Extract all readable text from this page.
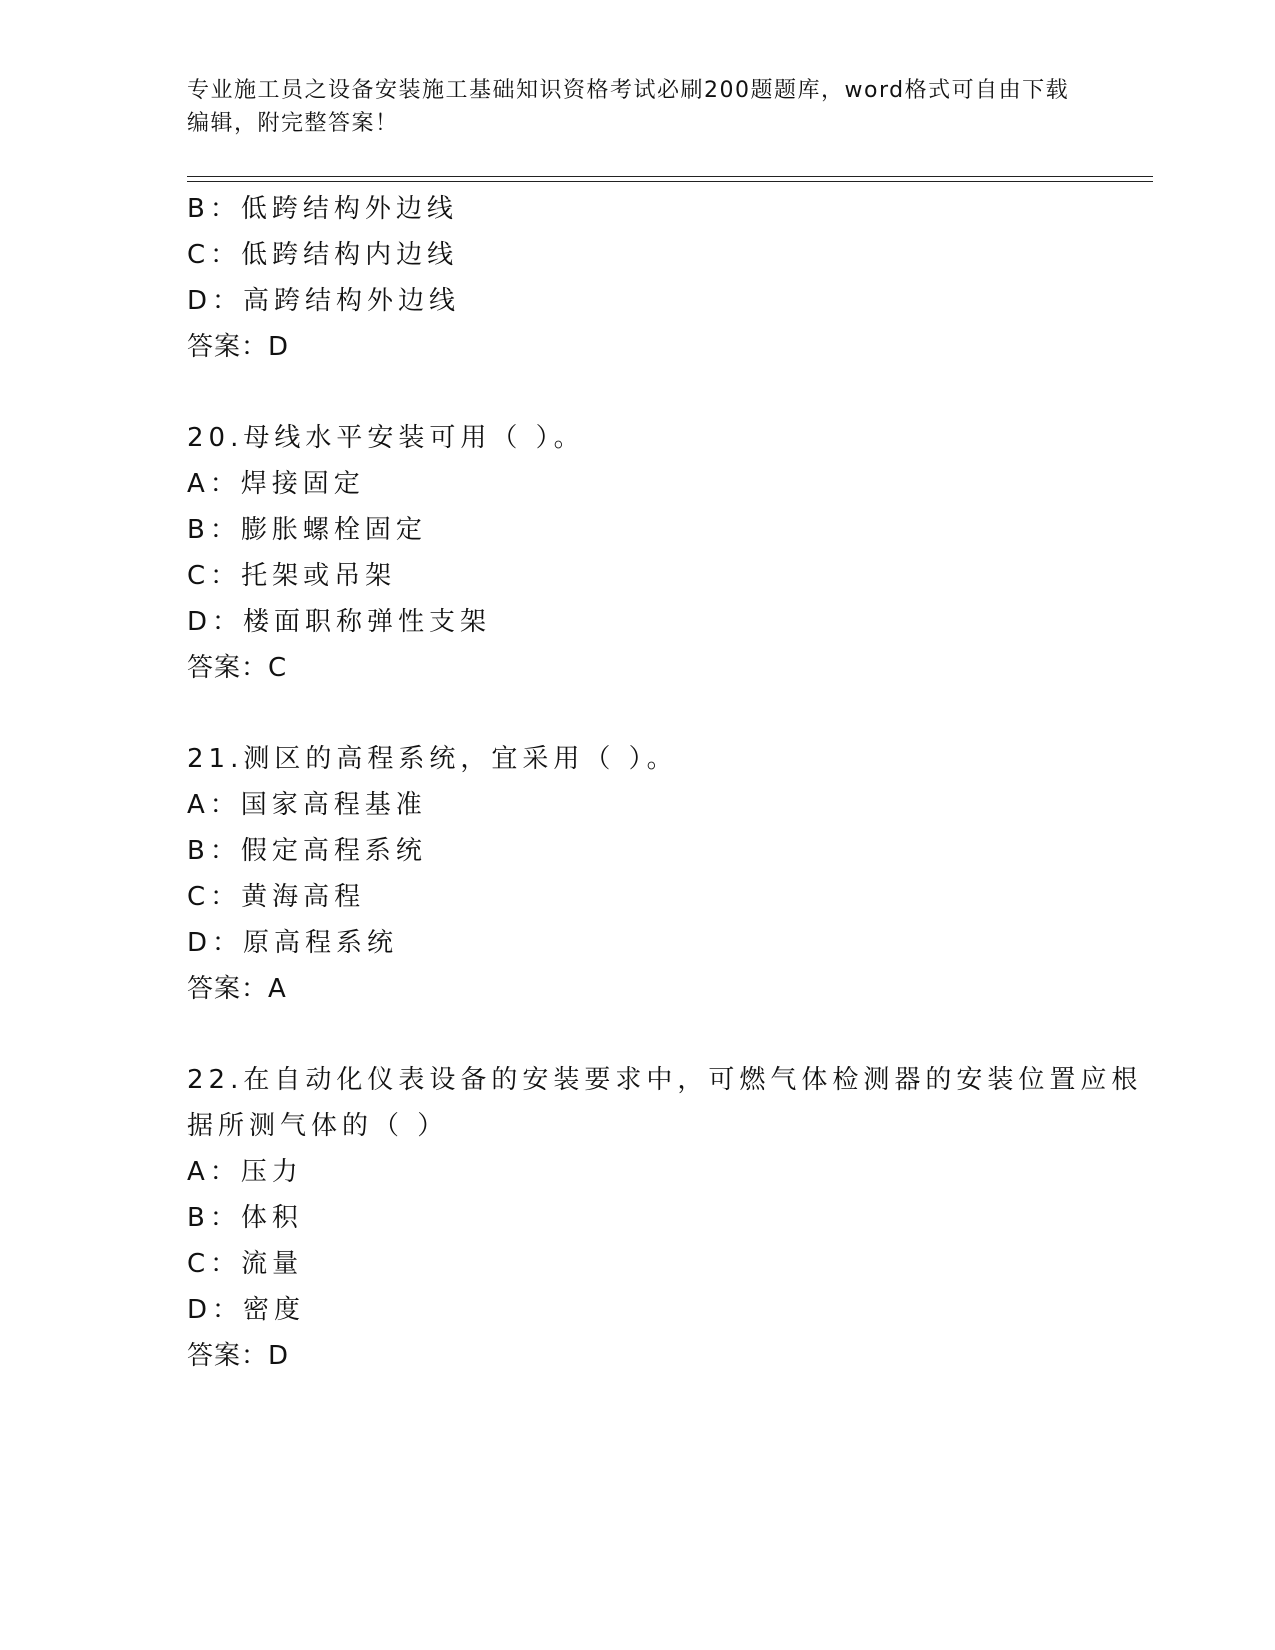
专业施工员之设备安装施工基础知识资格考试必刷200题题库，word格式可自由下载编辑，附完整答案！
B：低跨结构外边线
C：低跨结构内边线
D：高跨结构外边线
答案：D
20.母线水平安装可用（ ）。
A：焊接固定
B：膨胀螺栓固定
C：托架或吊架
D：楼面职称弹性支架
答案：C
21.测区的高程系统，宜采用（ ）。
A：国家高程基准
B：假定高程系统
C：黄海高程
D：原高程系统
答案：A
22.在自动化仪表设备的安装要求中，可燃气体检测器的安装位置应根
据所测气体的（ ）
A：压力
B：体积
C：流量
D：密度
答案：D
